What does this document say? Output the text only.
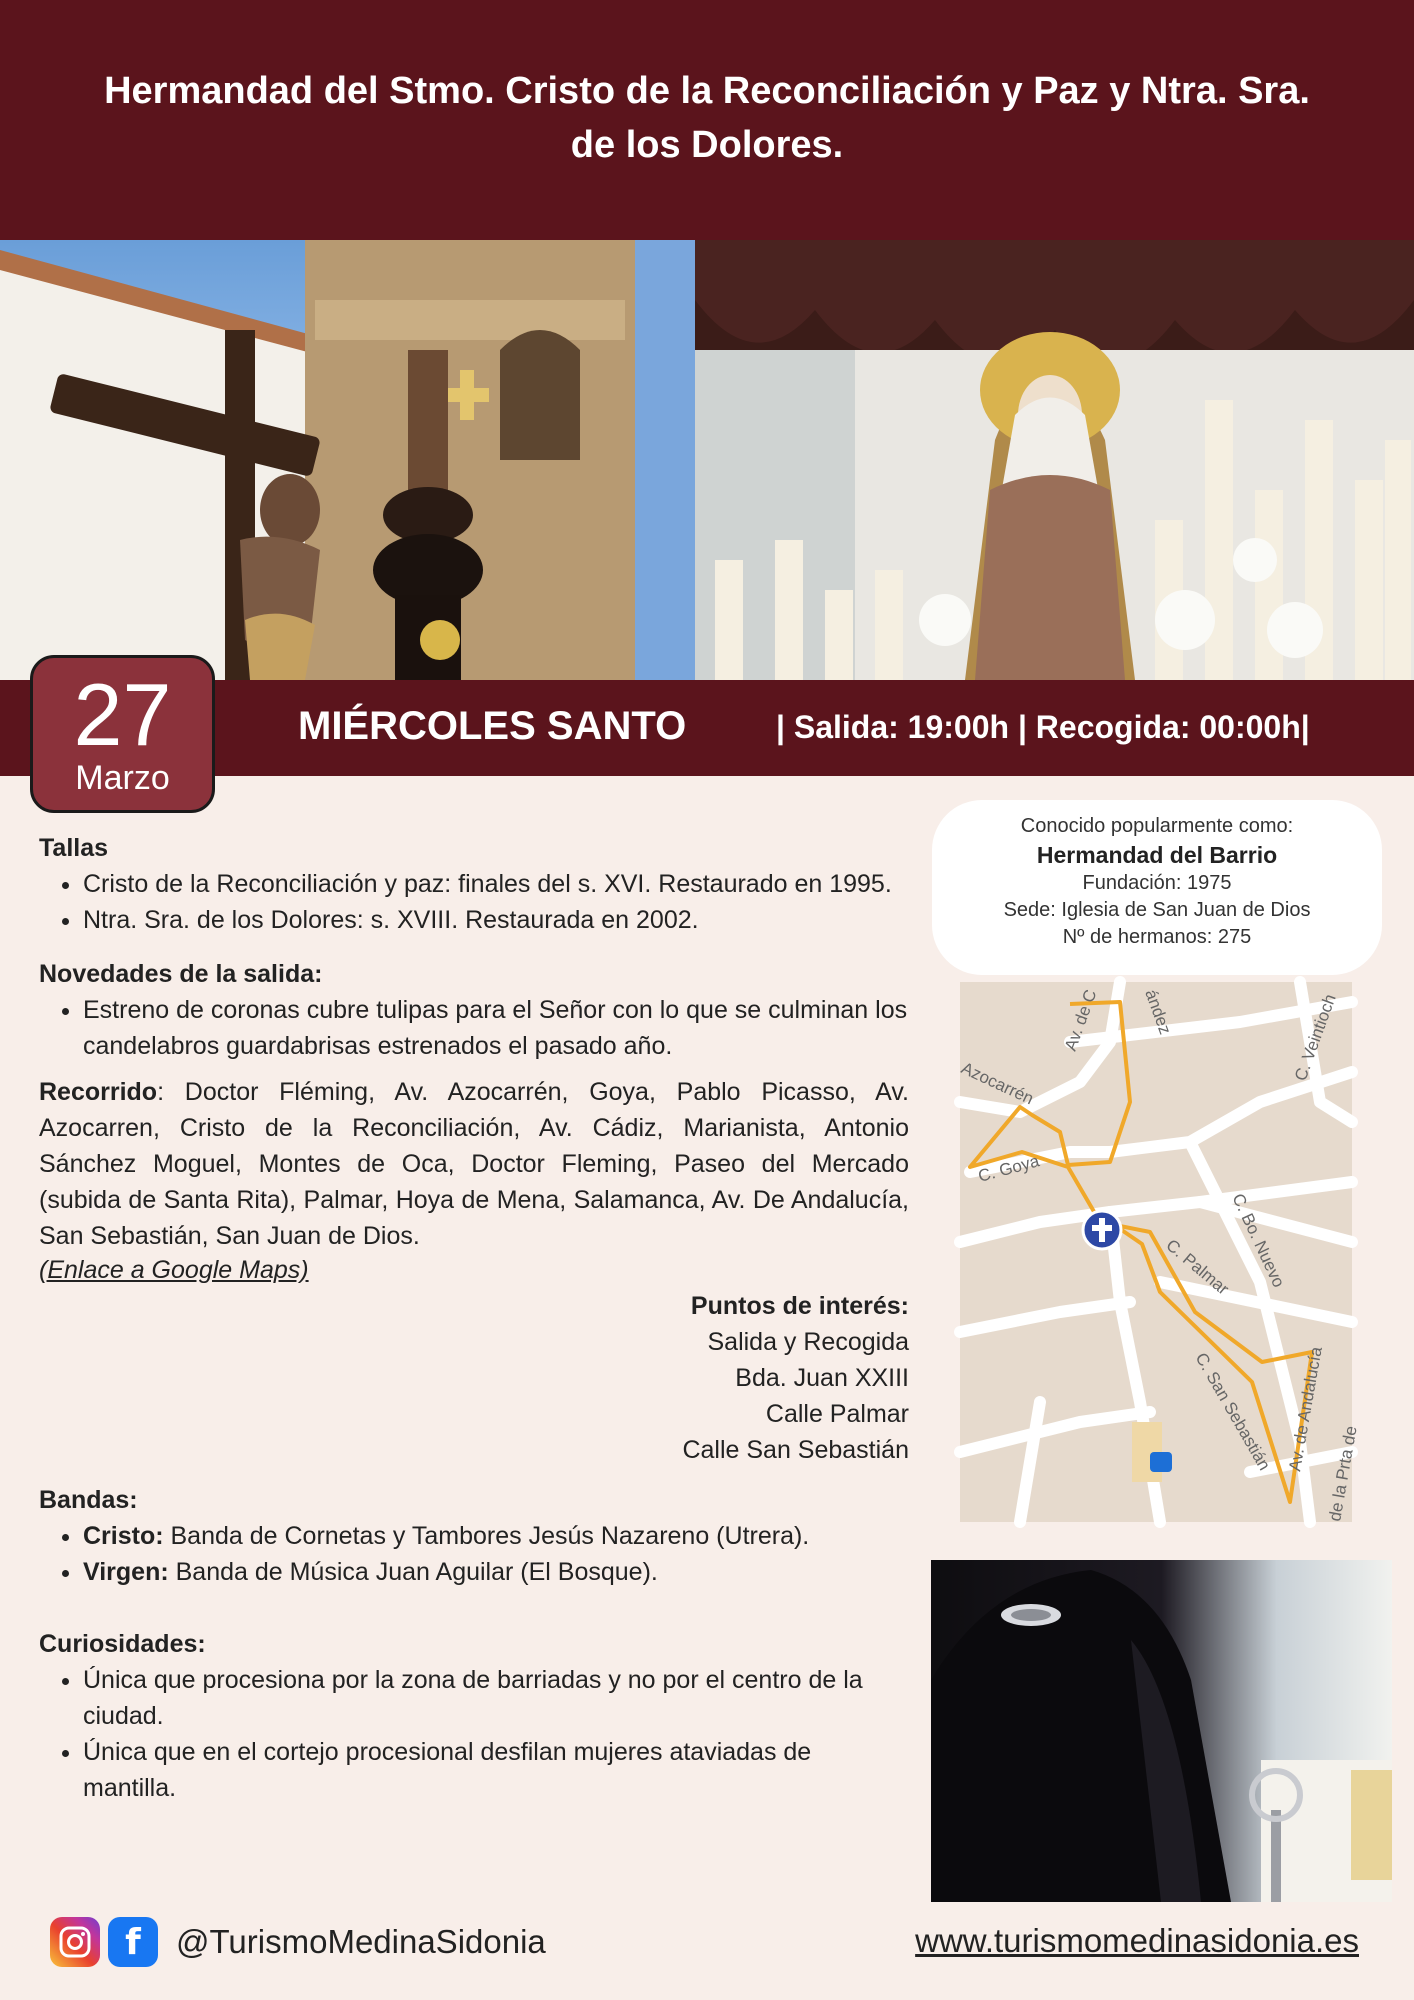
Hermandad del Stmo. Cristo de la Reconciliación y Paz y Ntra. Sra. de los Dolores.
27
Marzo
MIÉRCOLES SANTO	| Salida: 19:00h | Recogida: 00:00h|
Tallas
• Cristo de la Reconciliación y paz: finales del s. XVI. Restaurado en 1995.
• Ntra. Sra. de los Dolores: s. XVIII. Restaurada en 2002.
Novedades de la salida:
• Estreno de coronas cubre tulipas para el Señor con lo que se culminan los candelabros guardabrisas estrenados el pasado año.
Recorrido: Doctor Fléming, Av. Azocarrén, Goya, Pablo Picasso, Av. Azocarren, Cristo de la Reconciliación, Av. Cádiz, Marianista, Antonio Sánchez Moguel, Montes de Oca, Doctor Fleming, Paseo del Mercado (subida de Santa Rita), Palmar, Hoya de Mena, Salamanca, Av. De Andalucía, San Sebastián, San Juan de Dios.
(Enlace a Google Maps)
Puntos de interés:
Salida y Recogida
Bda. Juan XXIII
Calle Palmar
Calle San Sebastián
Bandas:
• Cristo: Banda de Cornetas y Tambores Jesús Nazareno (Utrera).
• Virgen: Banda de Música Juan Aguilar (El Bosque).
Curiosidades:
• Única que procesiona por la zona de barriadas y no por el centro de la ciudad.
• Única que en el cortejo procesional desfilan mujeres ataviadas de mantilla.
Conocido popularmente como:
Hermandad del Barrio
Fundación: 1975
Sede: Iglesia de San Juan de Dios
Nº de hermanos: 275
C. Goya
Azocarrén
Av. de C ández	C. Veintioch
C. Bo. Nuevo
C. Palmar
C. San Sebastián Av. de Andalucía
de la Prta de
f	@TurismoMedinaSidonia	www.turismomedinasidonia.es
